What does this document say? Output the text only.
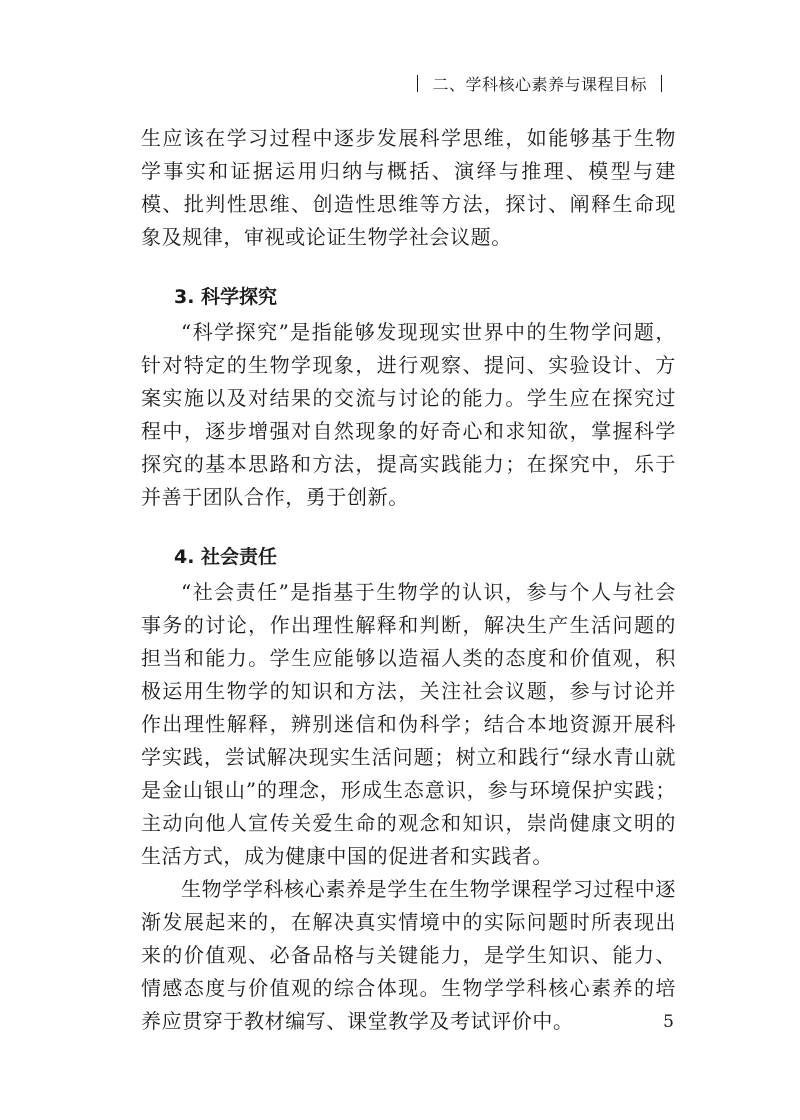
二、学科核心素养与课程目标

生应该在学习过程中逐步发展科学思维，如能够基于生物学事实和证据运用归纳与概括、演绎与推理、模型与建模、批判性思维、创造性思维等方法，探讨、阐释生命现象及规律，审视或论证生物学社会议题。

3. 科学探究

“科学探究”是指能够发现现实世界中的生物学问题，针对特定的生物学现象，进行观察、提问、实验设计、方案实施以及对结果的交流与讨论的能力。学生应在探究过程中，逐步增强对自然现象的好奇心和求知欲，掌握科学探究的基本思路和方法，提高实践能力；在探究中，乐于并善于团队合作，勇于创新。

4. 社会责任

“社会责任”是指基于生物学的认识，参与个人与社会事务的讨论，作出理性解释和判断，解决生产生活问题的担当和能力。学生应能够以造福人类的态度和价值观，积极运用生物学的知识和方法，关注社会议题，参与讨论并作出理性解释，辨别迷信和伪科学；结合本地资源开展科学实践，尝试解决现实生活问题；树立和践行“绿水青山就是金山银山”的理念，形成生态意识，参与环境保护实践；主动向他人宣传关爱生命的观念和知识，崇尚健康文明的生活方式，成为健康中国的促进者和实践者。

生物学学科核心素养是学生在生物学课程学习过程中逐渐发展起来的，在解决真实情境中的实际问题时所表现出来的价值观、必备品格与关键能力，是学生知识、能力、情感态度与价值观的综合体现。生物学学科核心素养的培养应贯穿于教材编写、课堂教学及考试评价中。	5
